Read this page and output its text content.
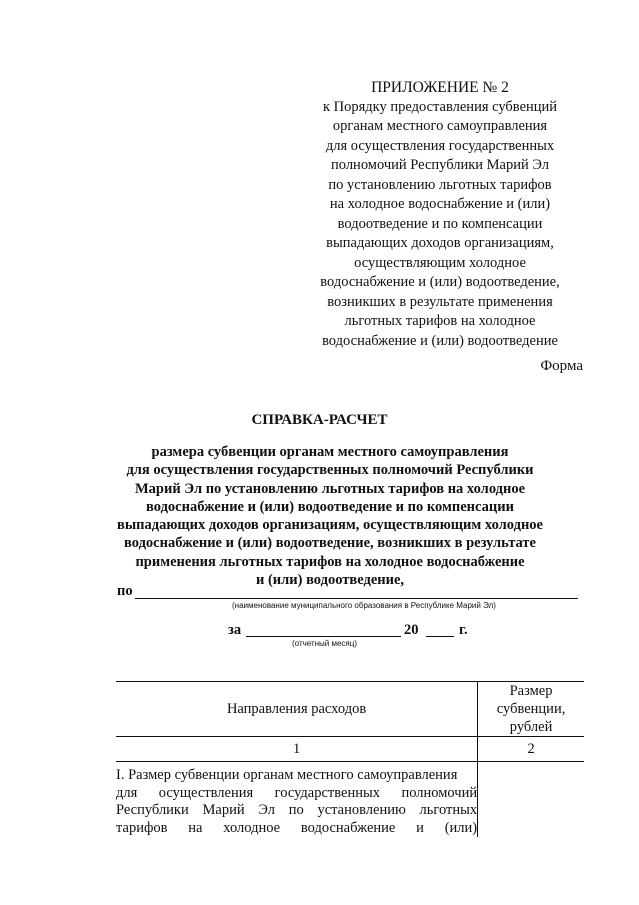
ПРИЛОЖЕНИЕ № 2
к Порядку предоставления субвенций
органам местного самоуправления
для осуществления государственных
полномочий Республики Марий Эл
по установлению льготных тарифов
на холодное водоснабжение и (или)
водоотведение и по компенсации
выпадающих доходов организациям,
осуществляющим холодное
водоснабжение и (или) водоотведение,
возникших в результате применения
льготных тарифов на холодное
водоснабжение и (или) водоотведение
Форма
СПРАВКА-РАСЧЕТ
размера субвенции органам местного самоуправления
для осуществления государственных полномочий Республики
Марий Эл по установлению льготных тарифов на холодное
водоснабжение и (или) водоотведение и по компенсации
выпадающих доходов организациям, осуществляющим холодное
водоснабжение и (или) водоотведение, возникших в результате
применения льготных тарифов на холодное водоснабжение
и (или) водоотведение,
по
(наименование муниципального образования в Республике Марий Эл)
за	20	г.
(отчетный месяц)
Направления расходов	Размер
субвенции,
рублей

1	2

I. Размер субвенции органам местного самоуправления
для осуществления государственных полномочий
Республики Марий Эл по установлению льготных
тарифов на холодное водоснабжение и (или)	
